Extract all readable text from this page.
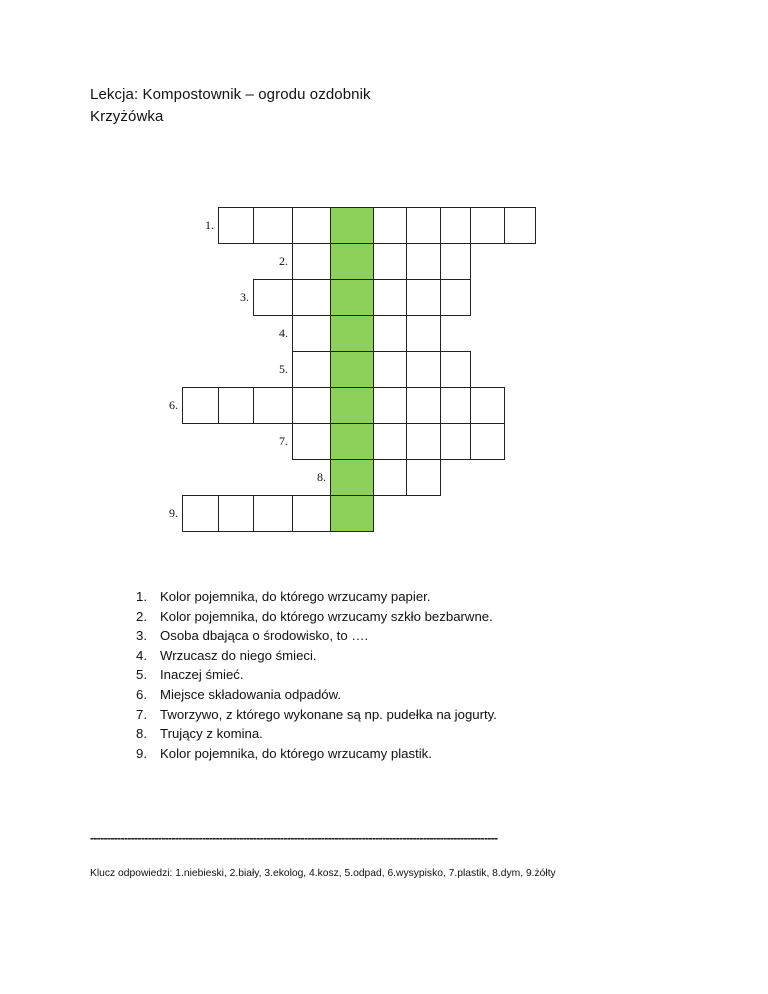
Lekcja: Kompostownik – ogrodu ozdobnik
Krzyżówka
1.
2.
3.
4.
5.
6.
7.
8.
9.
1. Kolor pojemnika, do którego wrzucamy papier.
2. Kolor pojemnika, do którego wrzucamy szkło bezbarwne.
3. Osoba dbająca o środowisko, to ….
4. Wrzucasz do niego śmieci.
5. Inaczej śmieć.
6. Miejsce składowania odpadów.
7. Tworzywo, z którego wykonane są np. pudełka na jogurty.
8. Trujący z komina.
9. Kolor pojemnika, do którego wrzucamy plastik.
------------------------------------------------------------------------------------------------------------------------
Klucz odpowiedzi: 1.niebieski, 2.biały, 3.ekolog, 4.kosz, 5.odpad, 6.wysypisko, 7.plastik, 8.dym, 9.żółty
